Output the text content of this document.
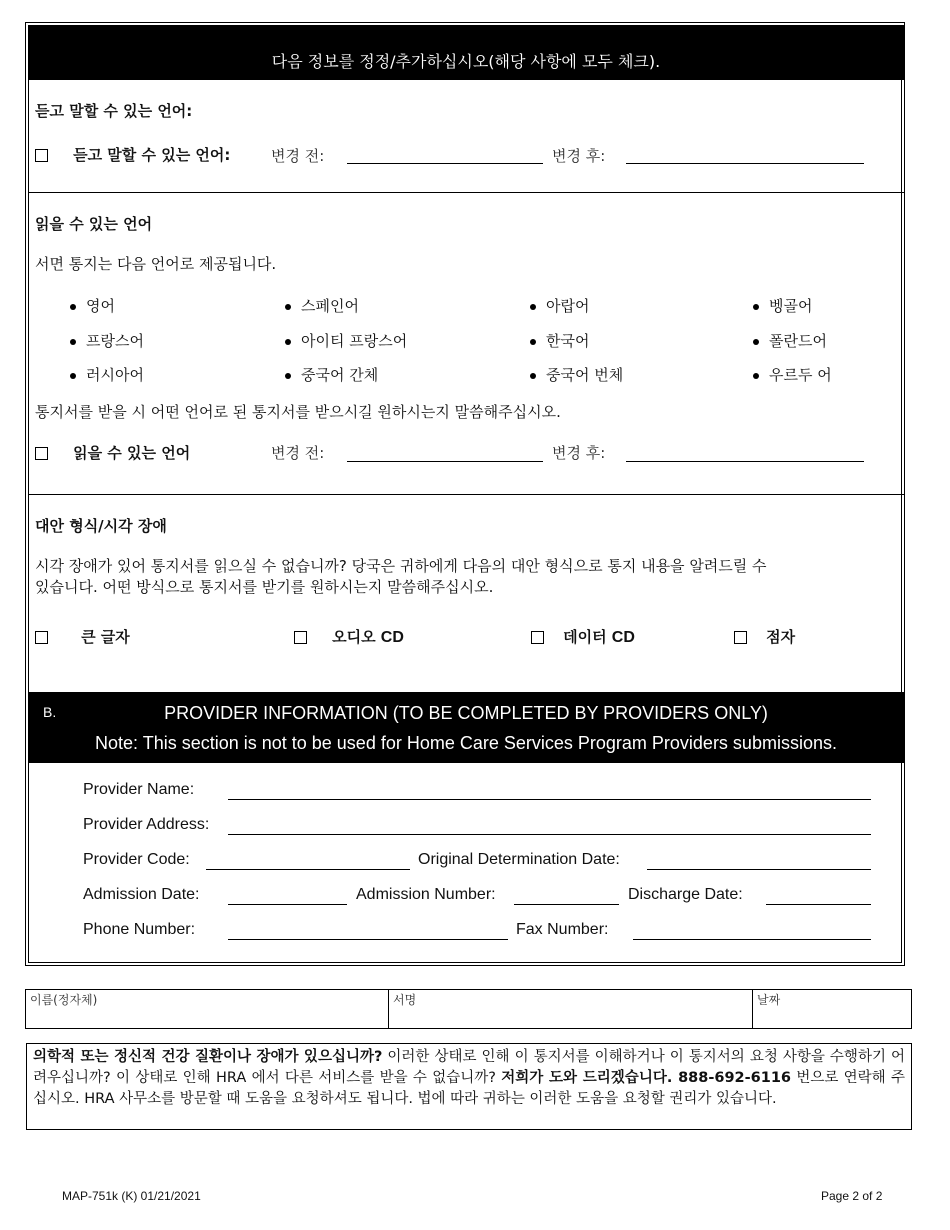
다음 정보를 정정/추가하십시오(해당 사항에 모두 체크).
듣고 말할 수 있는 언어:
듣고 말할 수 있는 언어:	변경 전:	변경 후:
읽을 수 있는 언어
서면 통지는 다음 언어로 제공됩니다.
영어	스페인어	아랍어	벵골어
프랑스어	아이티 프랑스어	한국어	폴란드어
러시아어	중국어 간체	중국어 번체	우르두 어
통지서를 받을 시 어떤 언어로 된 통지서를 받으시길 원하시는지 말씀해주십시오.
읽을 수 있는 언어	변경 전:	변경 후:
대안 형식/시각 장애
시각 장애가 있어 통지서를 읽으실 수 없습니까? 당국은 귀하에게 다음의 대안 형식으로 통지 내용을 알려드릴 수
있습니다. 어떤 방식으로 통지서를 받기를 원하시는지 말씀해주십시오.
큰 글자	오디오 CD	데이터 CD	점자
B.	PROVIDER INFORMATION (TO BE COMPLETED BY PROVIDERS ONLY)
Note: This section is not to be used for Home Care Services Program Providers submissions.
Provider Name:
Provider Address:
Provider Code:	Original Determination Date:
Admission Date:	Admission Number:	Discharge Date:
Phone Number:	Fax Number:
이름(정자체)	서명	날짜
의학적 또는 정신적 건강 질환이나 장애가 있으십니까? 이러한 상태로 인해 이 통지서를 이해하거나 이 통지서의 요청 사항을 수행하기 어려우십니까? 이 상태로 인해 HRA 에서 다른 서비스를 받을 수 없습니까? 저희가 도와 드리겠습니다. 888-692-6116 번으로 연락해 주십시오. HRA 사무소를 방문할 때 도움을 요청하셔도 됩니다. 법에 따라 귀하는 이러한 도움을 요청할 권리가 있습니다.
MAP-751k (K) 01/21/2021	Page 2 of 2
